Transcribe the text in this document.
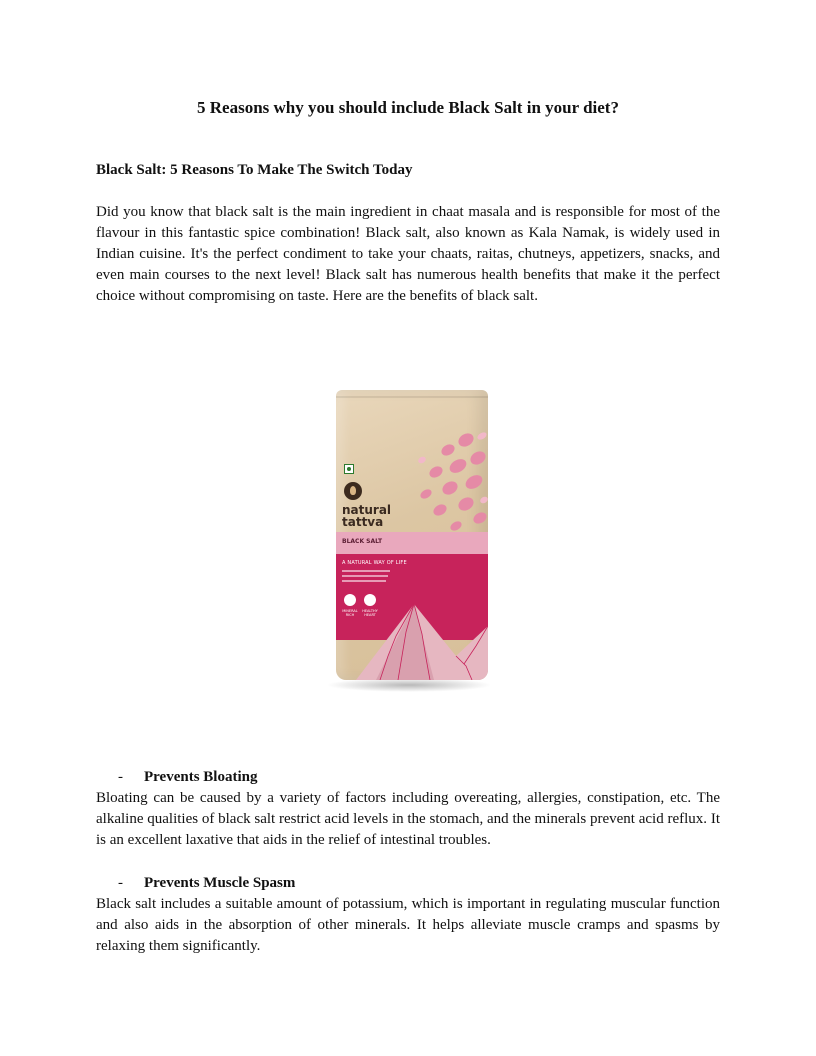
5 Reasons why you should include Black Salt in your diet?
Black Salt: 5 Reasons To Make The Switch Today

Did you know that black salt is the main ingredient in chaat masala and is responsible for most of the flavour in this fantastic spice combination! Black salt, also known as Kala Namak, is widely used in Indian cuisine. It's the perfect condiment to take your chaats, raitas, chutneys, appetizers, snacks, and even main courses to the next level! Black salt has numerous health benefits that make it the perfect choice without compromising on taste. Here are the benefits of black salt.

natural
tattva

BLACK SALT

A NATURAL WAY OF LIFE

MINERAL RICH

HEALTHY HEART

- Prevents Bloating

Bloating can be caused by a variety of factors including overeating, allergies, constipation, etc. The alkaline qualities of black salt restrict acid levels in the stomach, and the minerals prevent acid reflux. It is an excellent laxative that aids in the relief of intestinal troubles.

- Prevents Muscle Spasm

Black salt includes a suitable amount of potassium, which is important in regulating muscular function and also aids in the absorption of other minerals. It helps alleviate muscle cramps and spasms by relaxing them significantly.
